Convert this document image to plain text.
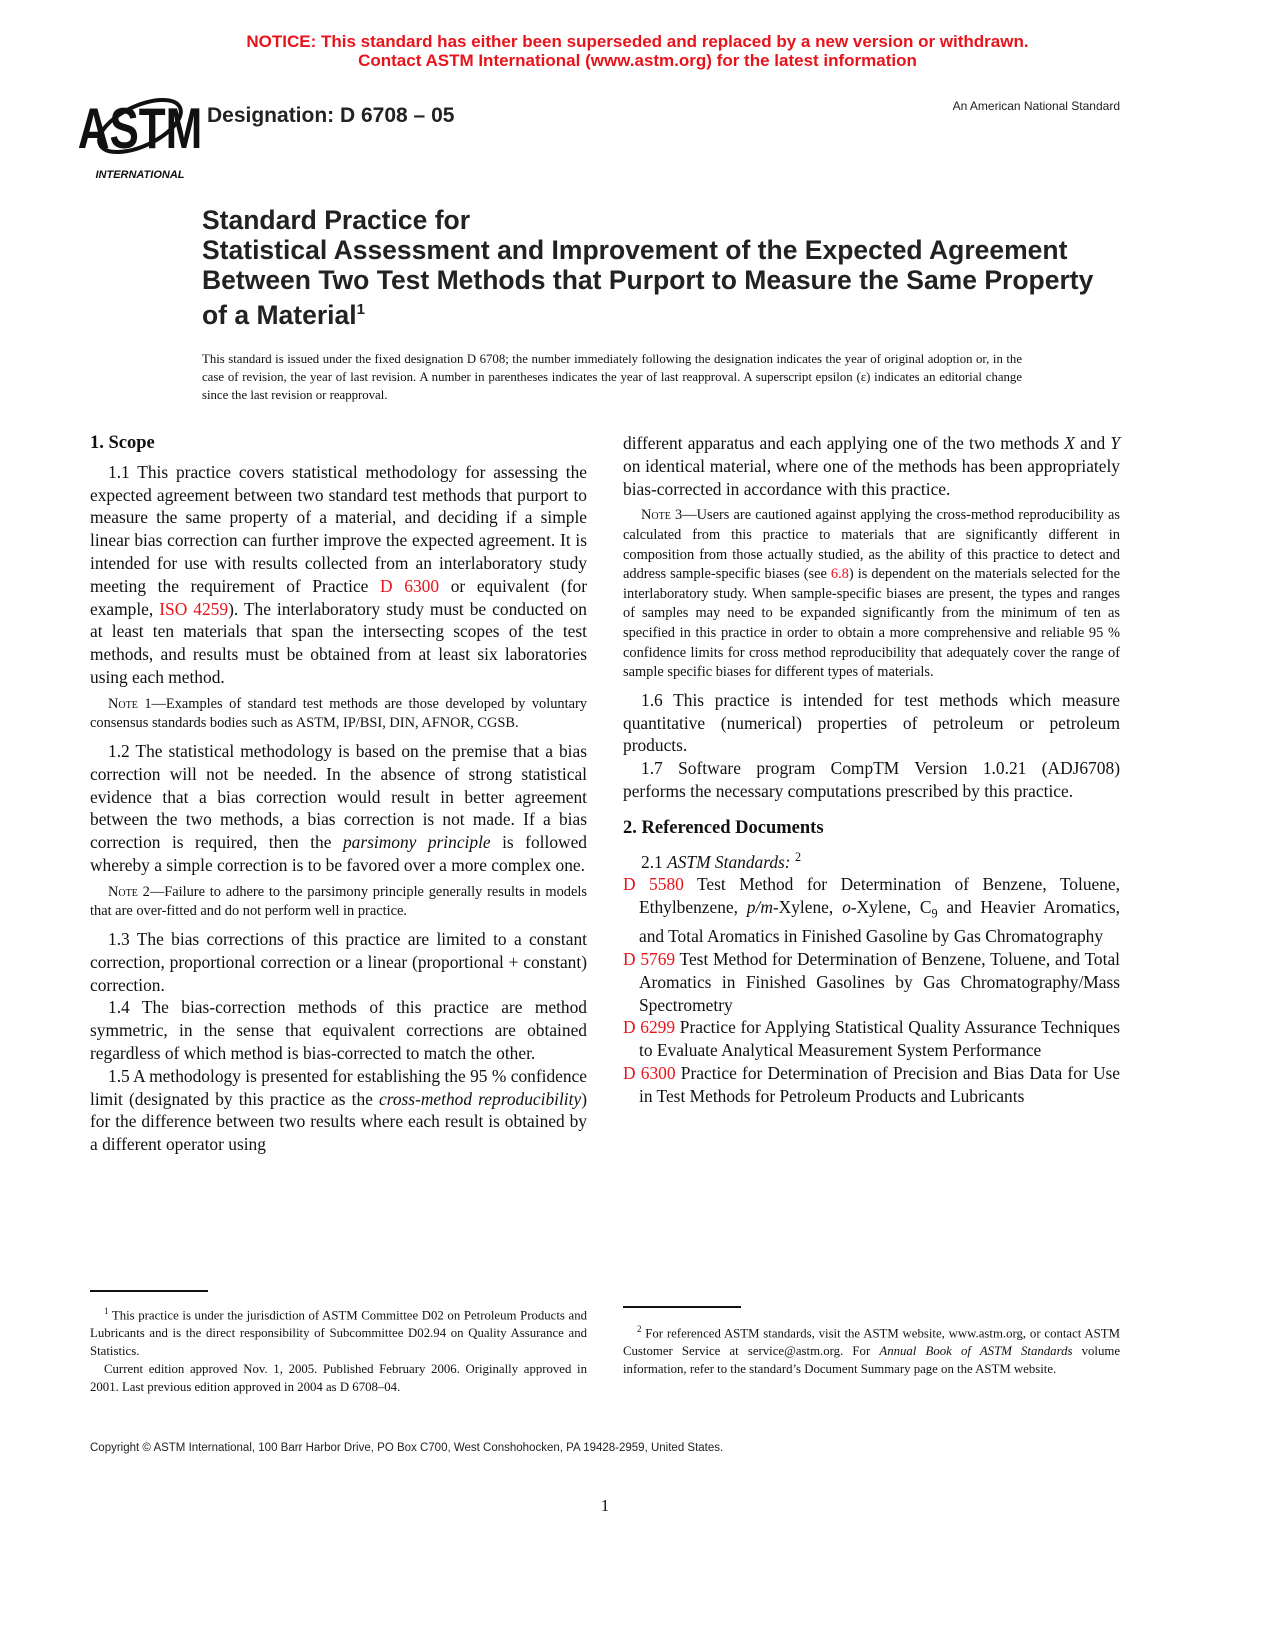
NOTICE: This standard has either been superseded and replaced by a new version or withdrawn.
Contact ASTM International (www.astm.org) for the latest information
ASTM
INTERNATIONAL
Designation: D 6708 – 05	An American National Standard
Standard Practice for
Statistical Assessment and Improvement of the Expected Agreement Between Two Test Methods that Purport to Measure the Same Property of a Material$^1$
This standard is issued under the fixed designation D 6708; the number immediately following the designation indicates the year of original adoption or, in the case of revision, the year of last revision. A number in parentheses indicates the year of last reapproval. A superscript epsilon (ε) indicates an editorial change since the last revision or reapproval.
1. Scope

1.1 This practice covers statistical methodology for assessing the expected agreement between two standard test methods that purport to measure the same property of a material, and deciding if a simple linear bias correction can further improve the expected agreement. It is intended for use with results collected from an interlaboratory study meeting the requirement of Practice D 6300 or equivalent (for example, ISO 4259). The interlaboratory study must be conducted on at least ten materials that span the intersecting scopes of the test methods, and results must be obtained from at least six laboratories using each method.

Note 1—Examples of standard test methods are those developed by voluntary consensus standards bodies such as ASTM, IP/BSI, DIN, AFNOR, CGSB.

1.2 The statistical methodology is based on the premise that a bias correction will not be needed. In the absence of strong statistical evidence that a bias correction would result in better agreement between the two methods, a bias correction is not made. If a bias correction is required, then the parsimony principle is followed whereby a simple correction is to be favored over a more complex one.

Note 2—Failure to adhere to the parsimony principle generally results in models that are over-fitted and do not perform well in practice.

1.3 The bias corrections of this practice are limited to a constant correction, proportional correction or a linear (proportional + constant) correction.

1.4 The bias-correction methods of this practice are method symmetric, in the sense that equivalent corrections are obtained regardless of which method is bias-corrected to match the other.

1.5 A methodology is presented for establishing the 95 % confidence limit (designated by this practice as the cross-method reproducibility) for the difference between two results where each result is obtained by a different operator using

different apparatus and each applying one of the two methods X and Y on identical material, where one of the methods has been appropriately bias-corrected in accordance with this practice.

Note 3—Users are cautioned against applying the cross-method reproducibility as calculated from this practice to materials that are significantly different in composition from those actually studied, as the ability of this practice to detect and address sample-specific biases (see 6.8) is dependent on the materials selected for the interlaboratory study. When sample-specific biases are present, the types and ranges of samples may need to be expanded significantly from the minimum of ten as specified in this practice in order to obtain a more comprehensive and reliable 95 % confidence limits for cross method reproducibility that adequately cover the range of sample specific biases for different types of materials.

1.6 This practice is intended for test methods which measure quantitative (numerical) properties of petroleum or petroleum products.

1.7 Software program CompTM Version 1.0.21 (ADJ6708) performs the necessary computations prescribed by this practice.

2. Referenced Documents

2.1 ASTM Standards: $^2$

D 5580 Test Method for Determination of Benzene, Toluene, Ethylbenzene, p/m-Xylene, o-Xylene, $C_9$ and Heavier Aromatics, and Total Aromatics in Finished Gasoline by Gas Chromatography

D 5769 Test Method for Determination of Benzene, Toluene, and Total Aromatics in Finished Gasolines by Gas Chromatography/Mass Spectrometry

D 6299 Practice for Applying Statistical Quality Assurance Techniques to Evaluate Analytical Measurement System Performance

D 6300 Practice for Determination of Precision and Bias Data for Use in Test Methods for Petroleum Products and Lubricants

$^1$ This practice is under the jurisdiction of ASTM Committee D02 on Petroleum Products and Lubricants and is the direct responsibility of Subcommittee D02.94 on Quality Assurance and Statistics.

Current edition approved Nov. 1, 2005. Published February 2006. Originally approved in 2001. Last previous edition approved in 2004 as D 6708–04.

$^2$ For referenced ASTM standards, visit the ASTM website, www.astm.org, or contact ASTM Customer Service at service@astm.org. For Annual Book of ASTM Standards volume information, refer to the standard’s Document Summary page on the ASTM website.

Copyright © ASTM International, 100 Barr Harbor Drive, PO Box C700, West Conshohocken, PA 19428-2959, United States.
1
